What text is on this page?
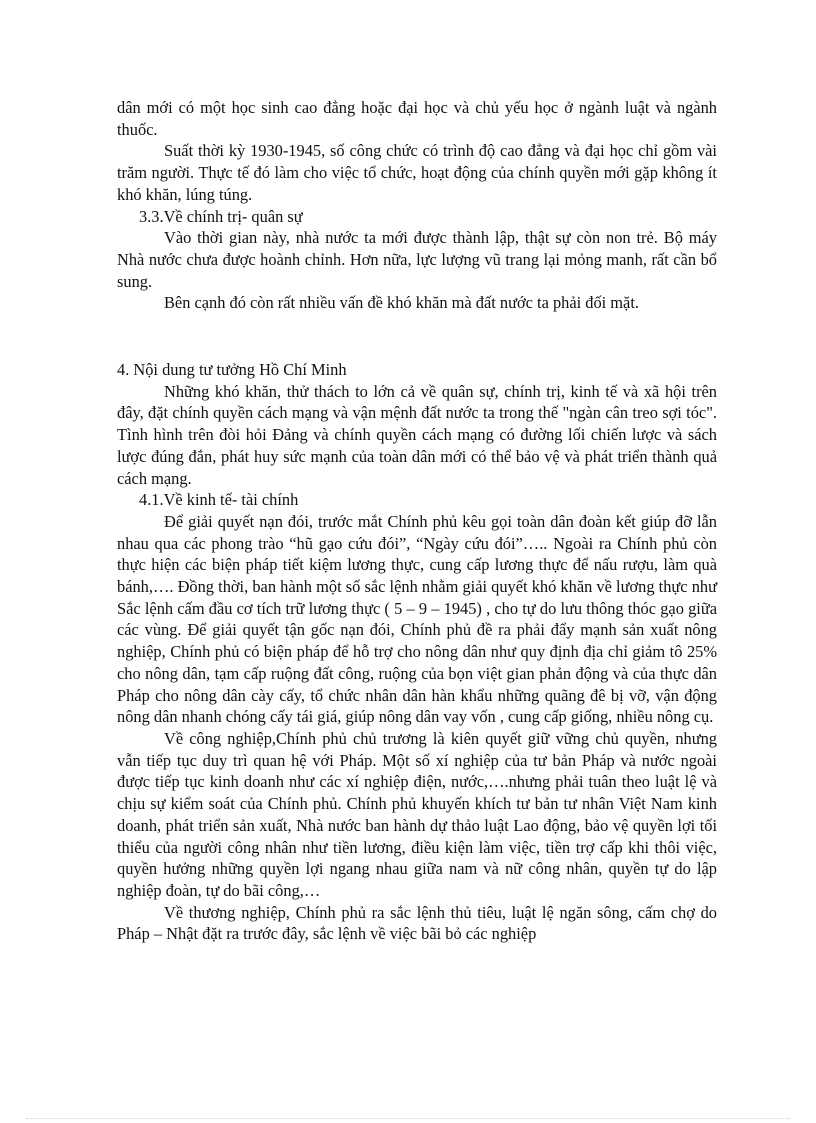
dân mới có một học sinh cao đẳng hoặc đại học và chủ yếu học ở ngành luật và ngành thuốc.

Suất thời kỳ 1930-1945, số công chức có trình độ cao đẳng và đại học chỉ gồm vài trăm người. Thực tế đó làm cho việc tổ chức, hoạt động của chính quyền mới gặp không ít khó khăn, lúng túng.

3.3.Về chính trị- quân sự

Vào thời gian này, nhà nước ta mới được thành lập, thật sự còn non trẻ. Bộ máy Nhà nước chưa được hoành chỉnh. Hơn nữa, lực lượng vũ trang lại mỏng manh, rất cần bổ sung.

Bên cạnh đó còn rất nhiều vấn đề khó khăn mà đất nước ta phải đối mặt.

4. Nội dung tư tưởng Hồ Chí Minh

Những khó khăn, thử thách to lớn cả về quân sự, chính trị, kinh tế và xã hội trên đây, đặt chính quyền cách mạng và vận mệnh đất nước ta trong thế "ngàn cân treo sợi tóc". Tình hình trên đòi hỏi Đảng và chính quyền cách mạng có đường lối chiến lược và sách lược đúng đắn, phát huy sức mạnh của toàn dân mới có thể bảo vệ và phát triển thành quả cách mạng.

4.1.Về kinh tế- tài chính

Để giải quyết nạn đói, trước mắt Chính phủ kêu gọi toàn dân đoàn kết giúp đỡ lẫn nhau qua các phong trào “hũ gạo cứu đói”, “Ngày cứu đói”….. Ngoài ra Chính phủ còn thực hiện các biện pháp tiết kiệm lương thực, cung cấp lương thực để nấu rượu, làm quà bánh,…. Đồng thời, ban hành một số sắc lệnh nhằm giải quyết khó khăn về lương thực như Sắc lệnh cấm đầu cơ tích trữ lương thực ( 5 – 9 – 1945) , cho tự do lưu thông thóc gạo giữa các vùng. Để giải quyết tận gốc nạn đói, Chính phủ đề ra phải đẩy mạnh sản xuất nông nghiệp, Chính phủ có biện pháp để hỗ trợ cho nông dân như quy định địa chỉ giảm tô 25% cho nông dân, tạm cấp ruộng đất công, ruộng của bọn việt gian phản động và của thực dân Pháp cho nông dân cày cấy, tổ chức nhân dân hàn khẩu những quãng đê bị vỡ, vận động nông dân nhanh chóng cấy tái giá, giúp nông dân vay vốn , cung cấp giống, nhiều nông cụ.

Về công nghiệp,Chính phủ chủ trương là kiên quyết giữ vững chủ quyền, nhưng vẫn tiếp tục duy trì quan hệ với Pháp. Một số xí nghiệp của tư bản Pháp và nước ngoài được tiếp tục kinh doanh như các xí nghiệp điện, nước,….nhưng phải tuân theo luật lệ và chịu sự kiểm soát của Chính phủ. Chính phủ khuyến khích tư bản tư nhân Việt Nam kinh doanh, phát triển sản xuất, Nhà nước ban hành dự thảo luật Lao động, bảo vệ quyền lợi tối thiểu của người công nhân như tiền lương, điều kiện làm việc, tiền trợ cấp khi thôi việc, quyền hưởng những quyền lợi ngang nhau giữa nam và nữ công nhân, quyền tự do lập nghiệp đoàn, tự do bãi công,…

Về thương nghiệp, Chính phủ ra sắc lệnh thủ tiêu, luật lệ ngăn sông, cấm chợ do Pháp – Nhật đặt ra trước đây, sắc lệnh về việc bãi bỏ các nghiệp
